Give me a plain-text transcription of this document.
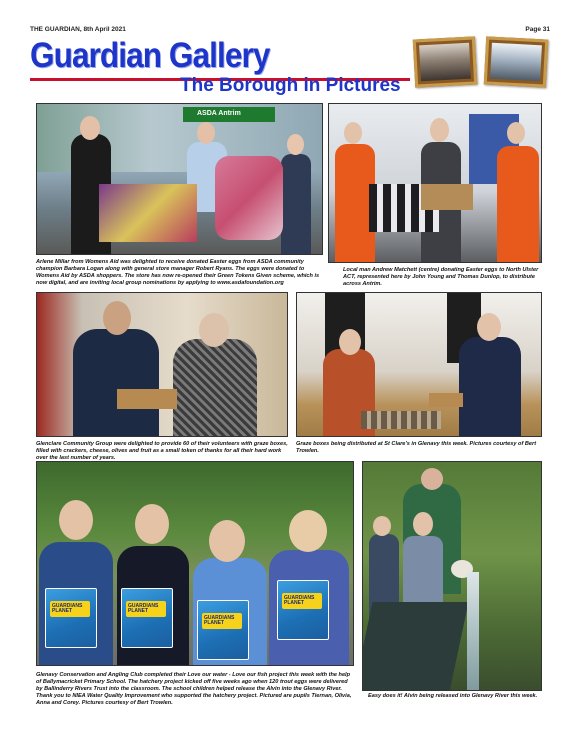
THE GUARDIAN, 8th April 2021	Page 31
Guardian Gallery
The Borough in Pictures
ASDA Antrim
Arlene Millar from Womens Aid was delighted to receive donated Easter eggs from ASDA community champion Barbara Logan along with general store manager Robert Ryans. The eggs were donated to Womens Aid by ASDA shoppers. The store has now re-opened their Green Tokens Given scheme, which is now digital, and are inviting local group nominations by applying to www.asdafoundation.org
Local man Andrew Matchett (centre) donating Easter eggs to North Ulster ACT, represented here by John Young and Thomas Dunlop, to distribute across Antrim.
Glenclare Community Group were delighted to provide 60 of their volunteers with graze boxes, filled with crackers, cheese, olives and fruit as a small token of thanks for all their hard work over the last number of years.
Graze boxes being distributed at St Clare's in Glenavy this week. Pictures courtesy of Bert Trowlen.
GUARDIANS PLANET
GUARDIANS PLANET
GUARDIANS PLANET
GUARDIANS PLANET
Glenavy Conservation and Angling Club completed their Love our water - Love our fish project this week with the help of Ballymacricket Primary School. The hatchery project kicked off five weeks ago when 120 trout eggs were delivered by Ballinderry Rivers Trust into the classroom. The school children helped release the Alvin into the Glenavy River. Thank you to NIEA Water Quality Improvement who supported the hatchery project. Pictured are pupils Tiernan, Olivia, Anna and Corey. Pictures courtesy of Bert Trowlen.
Easy does it! Alvin being released into Glenavy River this week.
